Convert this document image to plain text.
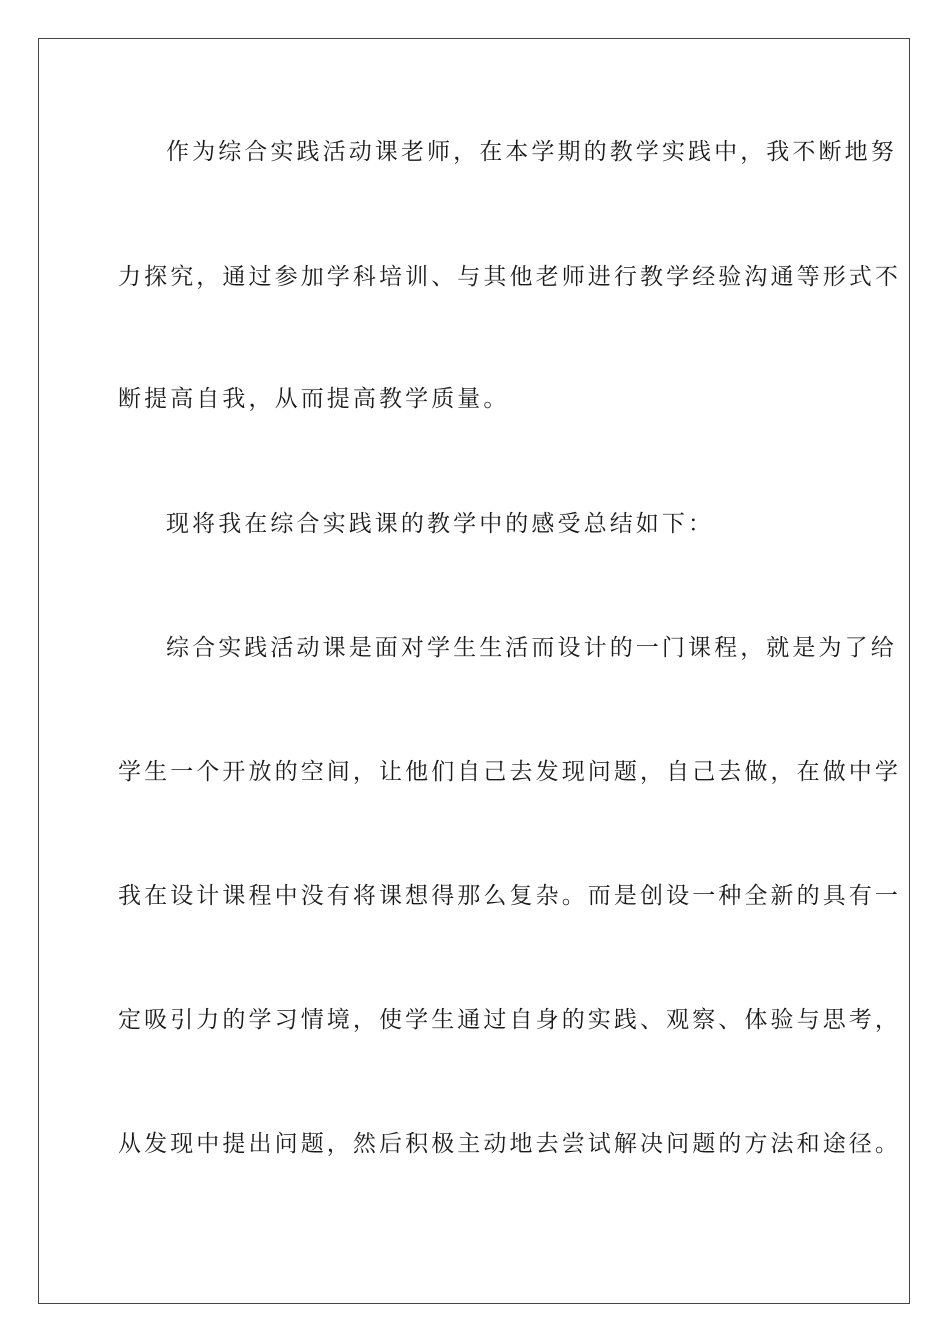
作为综合实践活动课老师，在本学期的教学实践中，我不断地努
力探究，通过参加学科培训、与其他老师进行教学经验沟通等形式不
断提高自我，从而提高教学质量。
现将我在综合实践课的教学中的感受总结如下：
综合实践活动课是面对学生生活而设计的一门课程，就是为了给
学生一个开放的空间，让他们自己去发现问题，自己去做，在做中学
我在设计课程中没有将课想得那么复杂。而是创设一种全新的具有一
定吸引力的学习情境，使学生通过自身的实践、观察、体验与思考，
从发现中提出问题，然后积极主动地去尝试解决问题的方法和途径。
